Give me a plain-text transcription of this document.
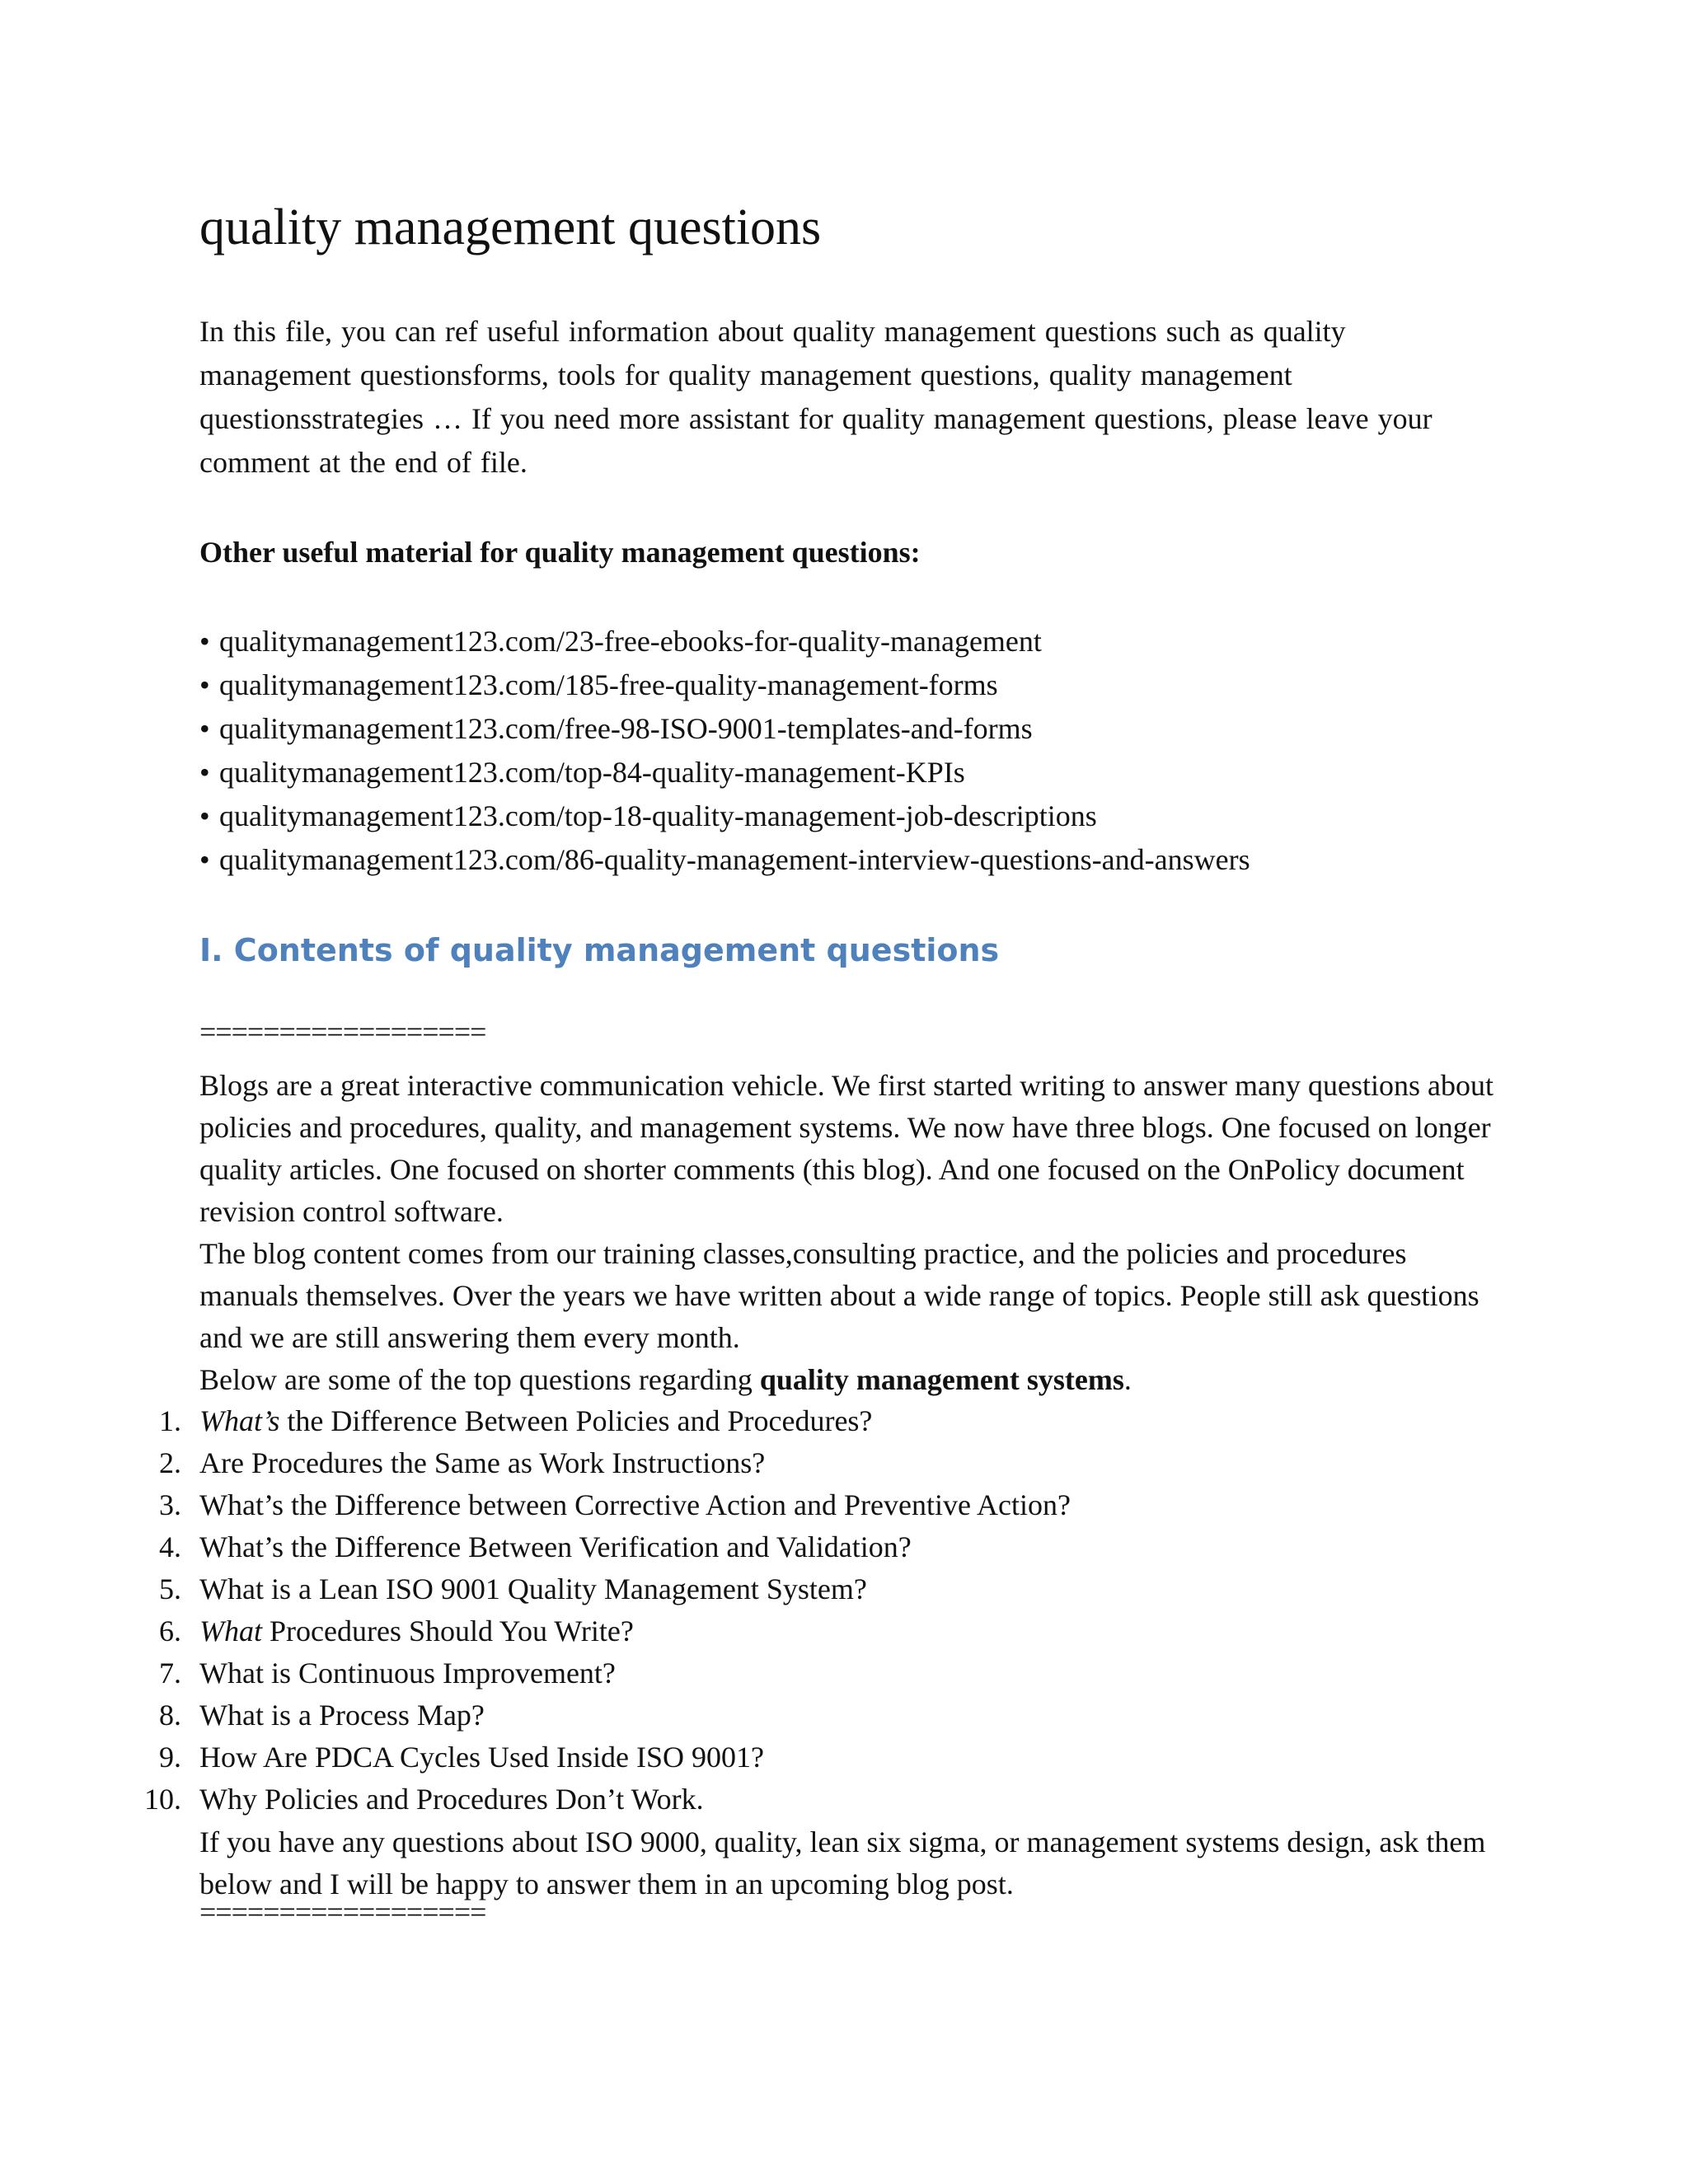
quality management questions

In this file, you can ref useful information about quality management questions such as quality management questionsforms, tools for quality management questions, quality management questionsstrategies … If you need more assistant for quality management questions, please leave your comment at the end of file.

Other useful material for quality management questions:
• qualitymanagement123.com/23-free-ebooks-for-quality-management
• qualitymanagement123.com/185-free-quality-management-forms
• qualitymanagement123.com/free-98-ISO-9001-templates-and-forms
• qualitymanagement123.com/top-84-quality-management-KPIs
• qualitymanagement123.com/top-18-quality-management-job-descriptions
• qualitymanagement123.com/86-quality-management-interview-questions-and-answers
I. Contents of quality management questions
==================

Blogs are a great interactive communication vehicle. We first started writing to answer many questions about policies and procedures, quality, and management systems. We now have three blogs. One focused on longer quality articles. One focused on shorter comments (this blog). And one focused on the OnPolicy document revision control software.

The blog content comes from our training classes,consulting practice, and the policies and procedures manuals themselves. Over the years we have written about a wide range of topics. People still ask questions and we are still answering them every month.

Below are some of the top questions regarding quality management systems.

1. What’s the Difference Between Policies and Procedures?
2. Are Procedures the Same as Work Instructions?
3. What’s the Difference between Corrective Action and Preventive Action?
4. What’s the Difference Between Verification and Validation?
5. What is a Lean ISO 9001 Quality Management System?
6. What Procedures Should You Write?
7. What is Continuous Improvement?
8. What is a Process Map?
9. How Are PDCA Cycles Used Inside ISO 9001?
10. Why Policies and Procedures Don’t Work.

If you have any questions about ISO 9000, quality, lean six sigma, or management systems design, ask them below and I will be happy to answer them in an upcoming blog post.

==================
